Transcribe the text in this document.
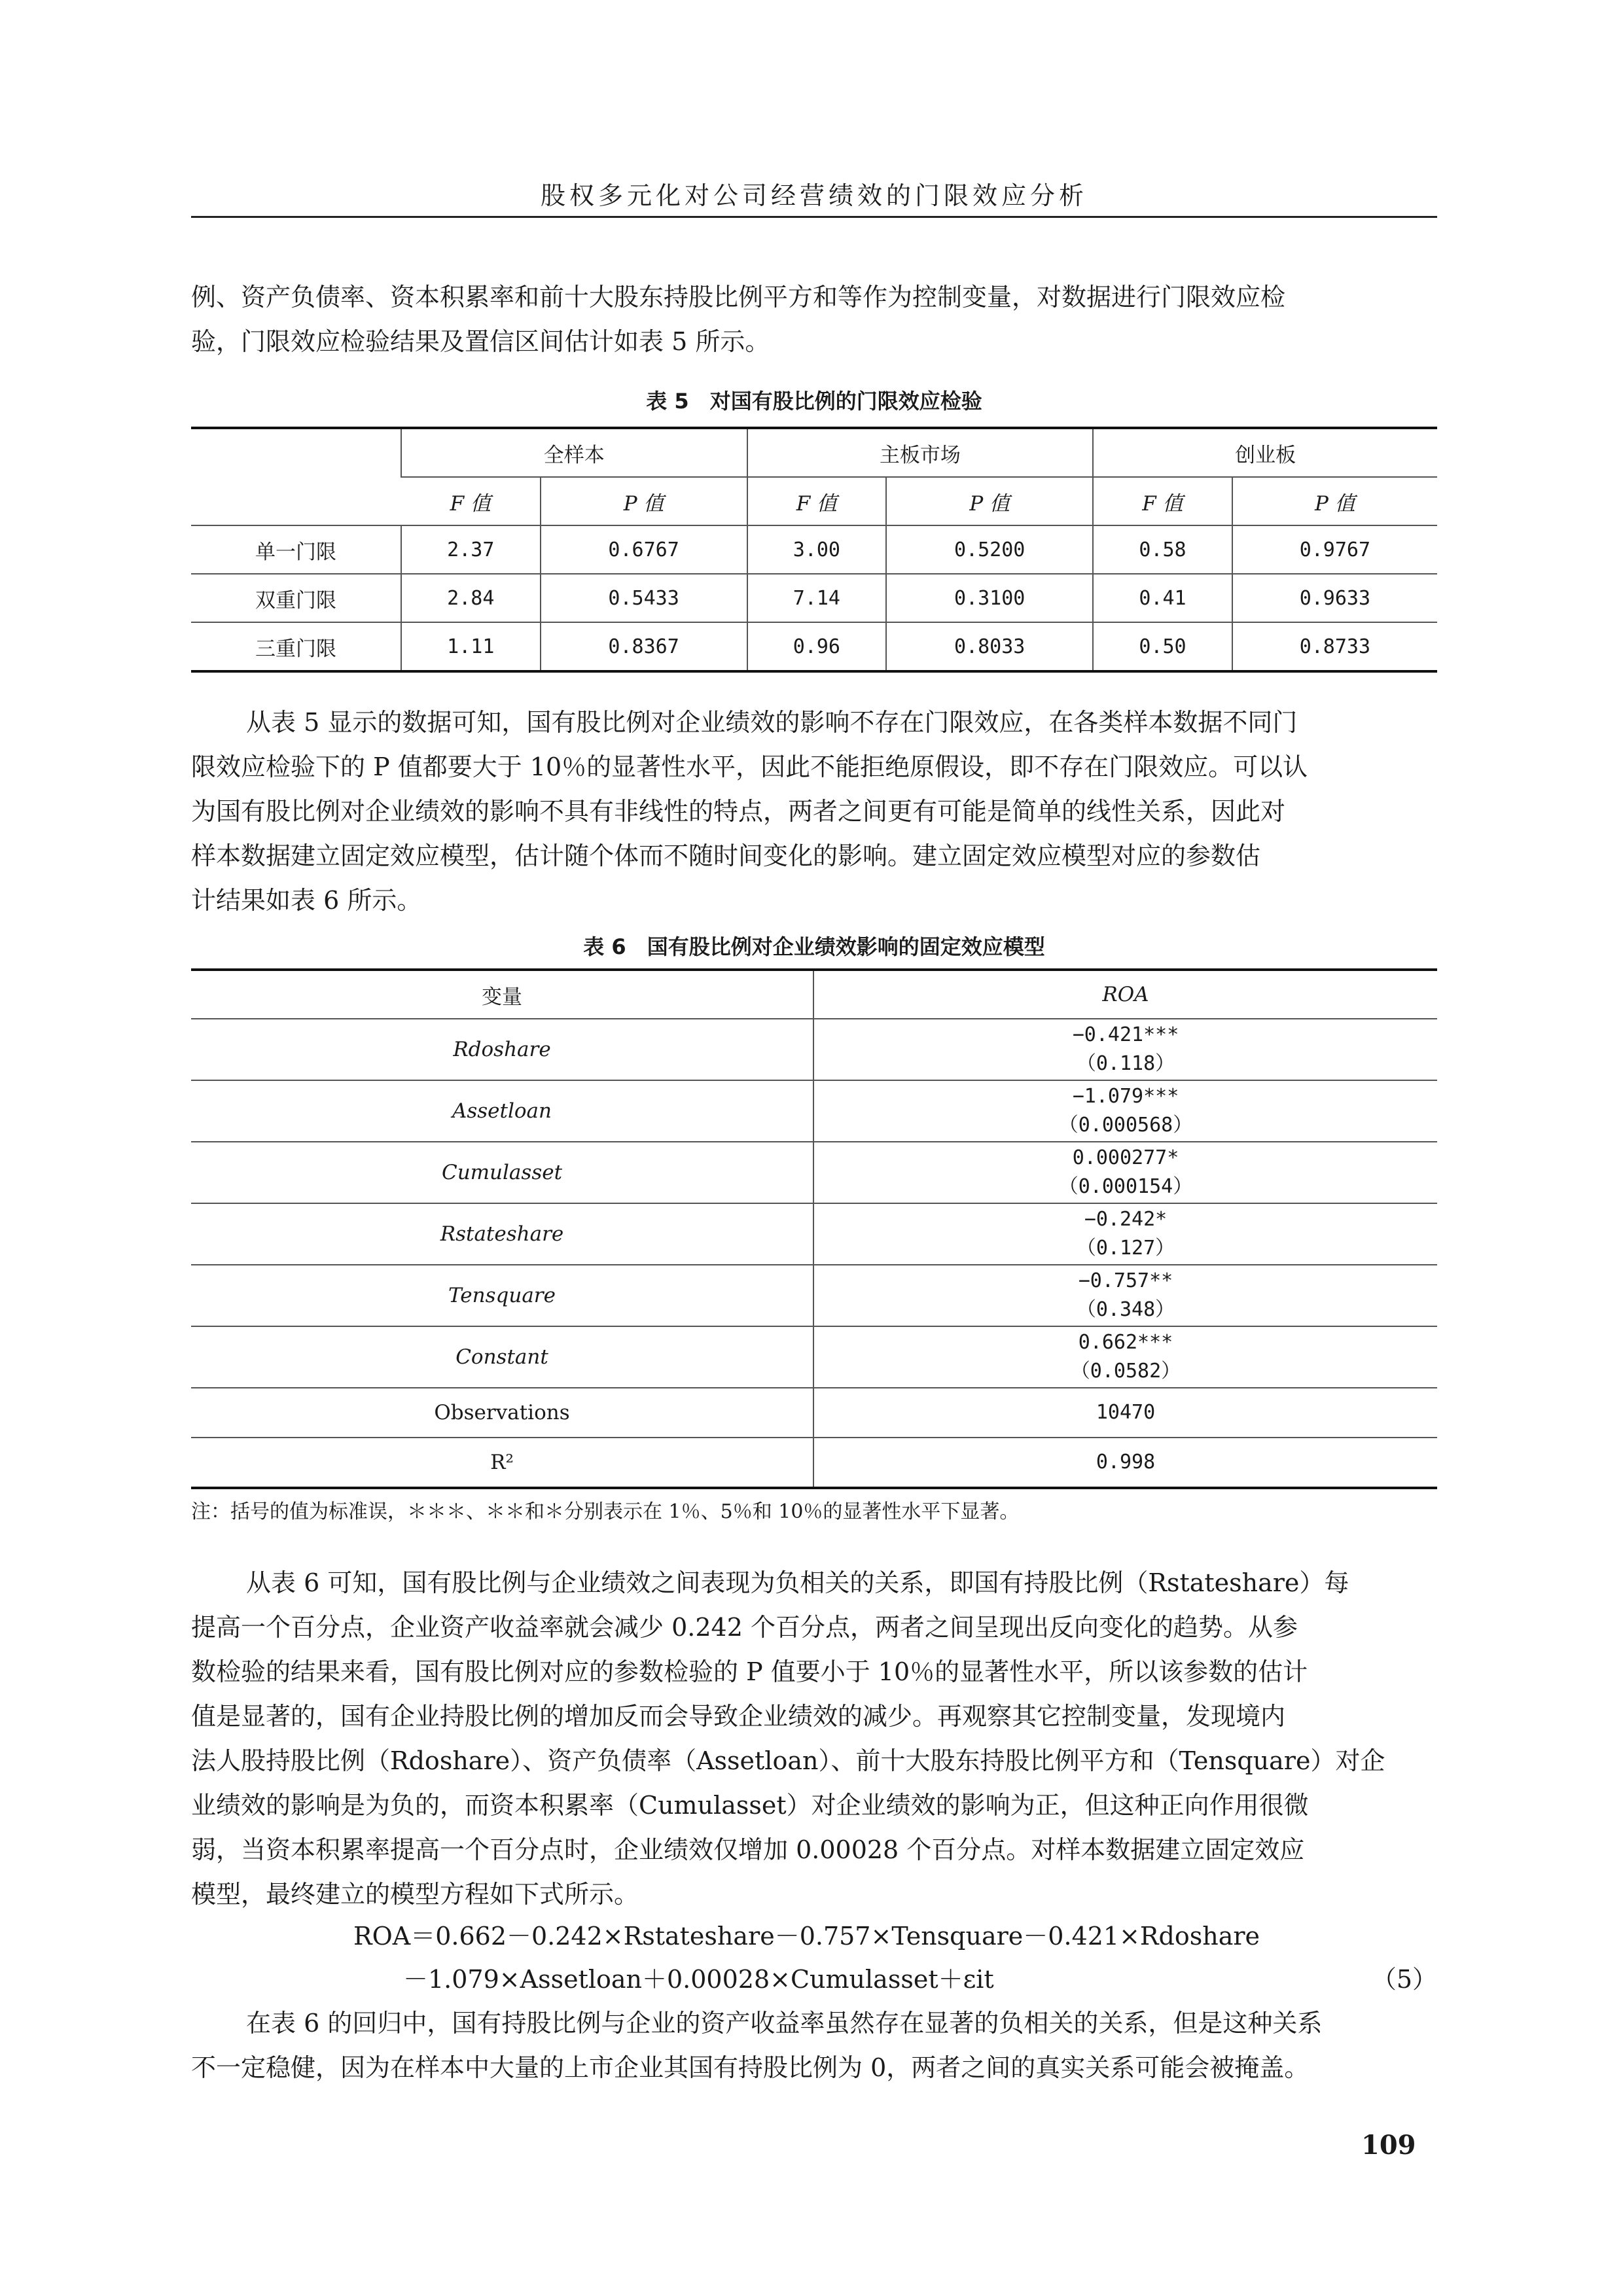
股权多元化对公司经营绩效的门限效应分析
例、资产负债率、资本积累率和前十大股东持股比例平方和等作为控制变量，对数据进行门限效应检
验，门限效应检验结果及置信区间估计如表 5 所示。
表 5　对国有股比例的门限效应检验
	全样本		主板市场		创业板	
	F 值	P 值	F 值	P 值	F 值	P 值
单一门限	2.37	0.6767	3.00	0.5200	0.58	0.9767
双重门限	2.84	0.5433	7.14	0.3100	0.41	0.9633
三重门限	1.11	0.8367	0.96	0.8033	0.50	0.8733
从表 5 显示的数据可知，国有股比例对企业绩效的影响不存在门限效应，在各类样本数据不同门
限效应检验下的 P 值都要大于 10％的显著性水平，因此不能拒绝原假设，即不存在门限效应。可以认
为国有股比例对企业绩效的影响不具有非线性的特点，两者之间更有可能是简单的线性关系，因此对
样本数据建立固定效应模型，估计随个体而不随时间变化的影响。建立固定效应模型对应的参数估
计结果如表 6 所示。
表 6　国有股比例对企业绩效影响的固定效应模型
变量	ROA
Rdoshare	−0.421***
（0.118）

Assetloan	−1.079***
（0.000568）

Cumulasset	0.000277*
（0.000154）

Rstateshare	−0.242*
（0.127）

Tensquare	−0.757**
（0.348）

Constant	0.662***
（0.0582）

Observations	10470
R²	0.998
注：括号的值为标准误，＊＊＊、＊＊和＊分别表示在 1％、5％和 10％的显著性水平下显著。
从表 6 可知，国有股比例与企业绩效之间表现为负相关的关系，即国有持股比例（Rstateshare）每
提高一个百分点，企业资产收益率就会减少 0.242 个百分点，两者之间呈现出反向变化的趋势。从参
数检验的结果来看，国有股比例对应的参数检验的 P 值要小于 10％的显著性水平，所以该参数的估计
值是显著的，国有企业持股比例的增加反而会导致企业绩效的减少。再观察其它控制变量，发现境内
法人股持股比例（Rdoshare）、资产负债率（Assetloan）、前十大股东持股比例平方和（Tensquare）对企
业绩效的影响是为负的，而资本积累率（Cumulasset）对企业绩效的影响为正，但这种正向作用很微
弱，当资本积累率提高一个百分点时，企业绩效仅增加 0.00028 个百分点。对样本数据建立固定效应
模型，最终建立的模型方程如下式所示。
ROA＝0.662－0.242×Rstateshare－0.757×Tensquare－0.421×Rdoshare
－1.079×Assetloan＋0.00028×Cumulasset＋εit	（5）
在表 6 的回归中，国有持股比例与企业的资产收益率虽然存在显著的负相关的关系，但是这种关系
不一定稳健，因为在样本中大量的上市企业其国有持股比例为 0，两者之间的真实关系可能会被掩盖。
109
